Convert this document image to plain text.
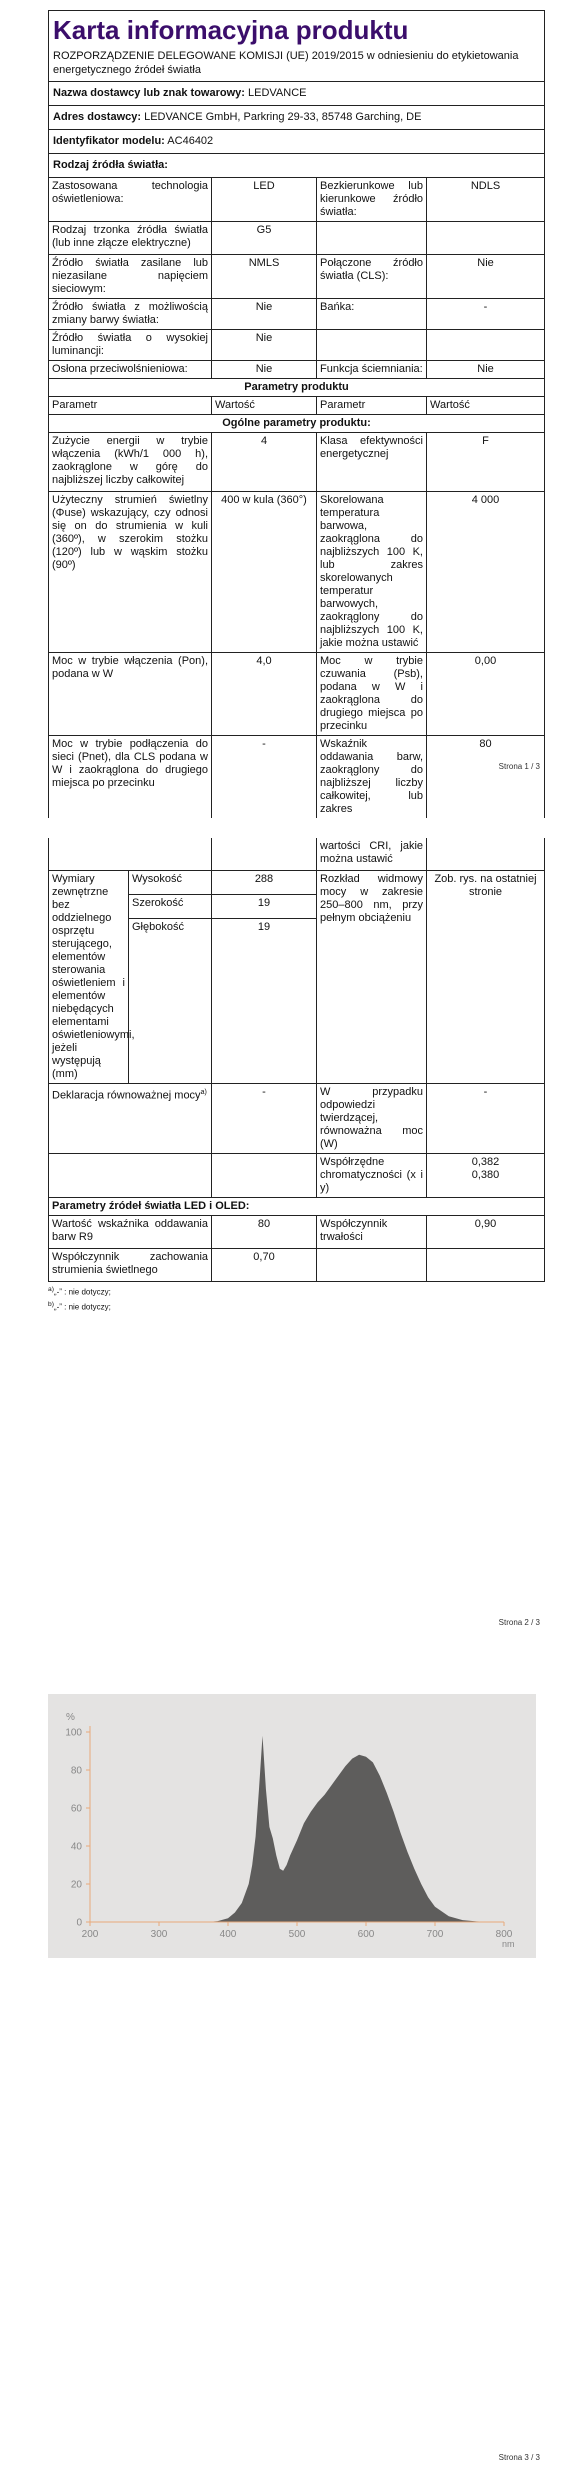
Karta informacyjna produktu
ROZPORZĄDZENIE DELEGOWANE KOMISJI (UE) 2019/2015 w odniesieniu do etykietowania energetycznego źródeł światła			

Nazwa dostawcy lub znak towarowy: LEDVANCE			
Adres dostawcy: LEDVANCE GmbH, Parkring 29-33, 85748 Garching, DE			
Identyfikator modelu: AC46402			
Rodzaj źródła światła:			
Zastosowana technologia oświetleniowa:	LED	Bezkierunkowe lub kierunkowe źródło światła:	NDLS
Rodzaj trzonka źródła światła (lub inne złącze elektryczne)	G5		
Źródło światła zasilane lub niezasilane napięciem sieciowym:	NMLS	Połączone źródło światła (CLS):	Nie
Źródło światła z możliwością zmiany barwy światła:	Nie	Bańka:	-
Źródło światła o wysokiej luminancji:	Nie		
Osłona przeciwolśnieniowa:	Nie	Funkcja ściemniania:	Nie
Parametry produktu			
Parametr	Wartość	Parametr	Wartość
Ogólne parametry produktu:			
Zużycie energii w trybie włączenia (kWh/1 000 h), zaokrąglone w górę do najbliższej liczby całkowitej	4	Klasa efektywności energetycznej	F
Użyteczny strumień świetlny (Φuse) wskazujący, czy odnosi się on do strumienia w kuli (360º), w szerokim stożku (120º) lub w wąskim stożku (90º)	400 w kula (360°)	Skorelowana temperatura barwowa, zaokrąglona do najbliższych 100 K, lub zakres skorelowanych temperatur barwowych, zaokrąglony do najbliższych 100 K, jakie można ustawić	4 000
Moc w trybie włączenia (Pon), podana w W	4,0	Moc w trybie czuwania (Psb), podana w W i zaokrąglona do drugiego miejsca po przecinku	0,00
Moc w trybie podłączenia do sieci (Pnet), dla CLS podana w W i zaokrąglona do drugiego miejsca po przecinku	-	Wskaźnik oddawania barw, zaokrąglony do najbliższej liczby całkowitej, lub zakres	80
Strona 1 / 3
			wartości CRI, jakie można ustawić	
Wymiary zewnętrzne bez oddzielnego osprzętu sterującego, elementów sterowania oświetleniem i elementów niebędących elementami oświetleniowymi, jeżeli występują (mm)	Wysokość	288	Rozkład widmowy mocy w zakresie 250–800 nm, przy pełnym obciążeniu	Zob. rys. na ostatniej stronie
	Szerokość	19		
	Głębokość	19		
Deklaracja równoważnej mocy$^{a)}$		-	W przypadku odpowiedzi twierdzącej, równoważna moc (W)	-
			Współrzędne chromatyczności (x i y)	0,382
0,380

Parametry źródeł światła LED i OLED:				
Wartość wskaźnika oddawania barw R9		80	Współczynnik trwałości	0,90
Współczynnik zachowania strumienia świetlnego		0,70		
$^{a)}$„-” : nie dotyczy;
$^{b)}$„-” : nie dotyczy;
Strona 2 / 3
200	300	400	500	600	700	800
0
20
40
60
80
100
%
nm
Strona 3 / 3
